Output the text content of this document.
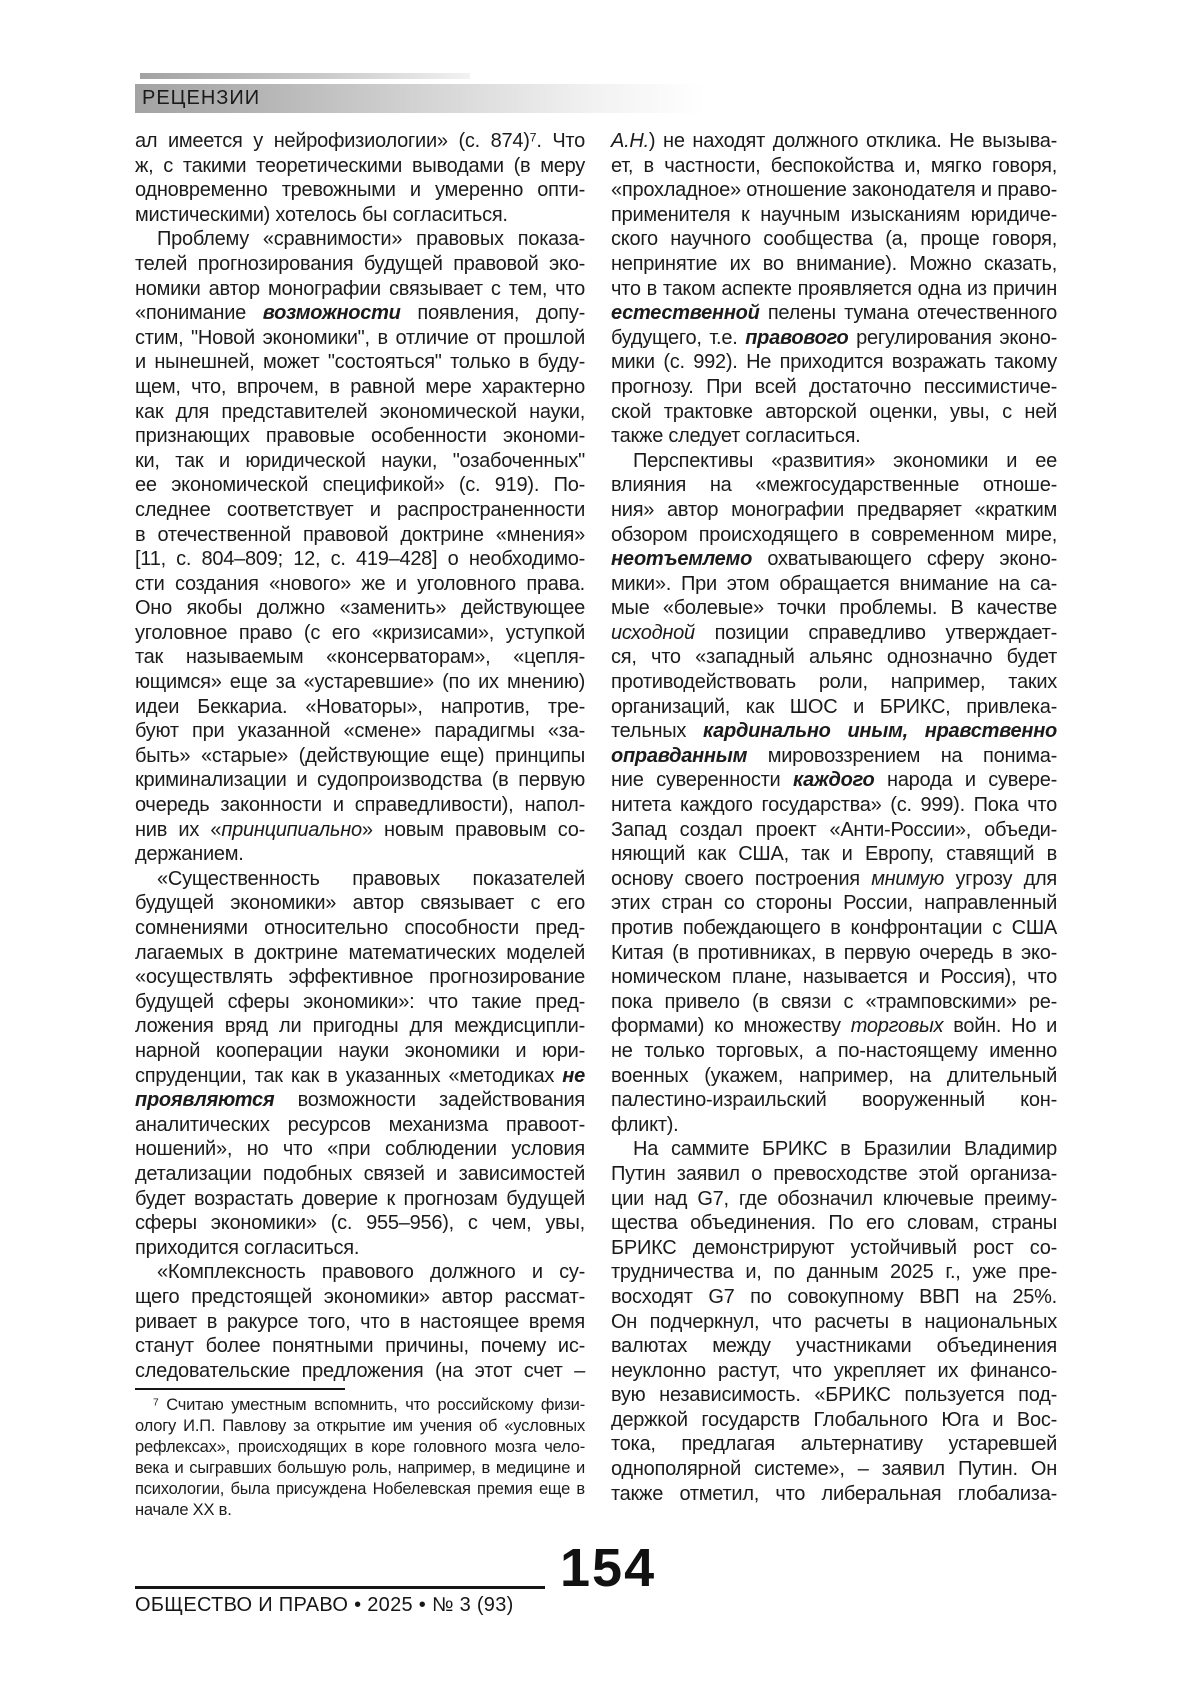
РЕЦЕНЗИИ
ал имеется у нейрофизиологии» (с. 874)$^7$. Что
ж, с такими теоретическими выводами (в меру
одновременно тревожными и умеренно опти-
мистическими) хотелось бы согласиться.
Проблему «сравнимости» правовых показа-
телей прогнозирования будущей правовой эко-
номики автор монографии связывает с тем, что
«понимание возможности появления, допу-
стим, "Новой экономики", в отличие от прошлой
и нынешней, может "состояться" только в буду-
щем, что, впрочем, в равной мере характерно
как для представителей экономической науки,
признающих правовые особенности экономи-
ки, так и юридической науки, "озабоченных"
ее экономической спецификой» (с. 919). По-
следнее соответствует и распространенности
в отечественной правовой доктрине «мнения»
[11, с. 804–809; 12, с. 419–428] о необходимо-
сти создания «нового» же и уголовного права.
Оно якобы должно «заменить» действующее
уголовное право (с его «кризисами», уступкой
так называемым «консерваторам», «цепля-
ющимся» еще за «устаревшие» (по их мнению)
идеи Беккариа. «Новаторы», напротив, тре-
буют при указанной «смене» парадигмы «за-
быть» «старые» (действующие еще) принципы
криминализации и судопроизводства (в первую
очередь законности и справедливости), напол-
нив их «принципиально» новым правовым со-
держанием.
«Существенность правовых показателей
будущей экономики» автор связывает с его
сомнениями относительно способности пред-
лагаемых в доктрине математических моделей
«осуществлять эффективное прогнозирование
будущей сферы экономики»: что такие пред-
ложения вряд ли пригодны для междисципли-
нарной кооперации науки экономики и юри-
спруденции, так как в указанных «методиках не
проявляются возможности задействования
аналитических ресурсов механизма правоот-
ношений», но что «при соблюдении условия
детализации подобных связей и зависимостей
будет возрастать доверие к прогнозам будущей
сферы экономики» (с. 955–956), с чем, увы,
приходится согласиться.
«Комплексность правового должного и су-
щего предстоящей экономики» автор рассмат-
ривает в ракурсе того, что в настоящее время
станут более понятными причины, почему ис-
следовательские предложения (на этот счет –
$^7$ Считаю уместным вспомнить, что российскому физи-
ологу И.П. Павлову за открытие им учения об «условных
рефлексах», происходящих в коре головного мозга чело-
века и сыгравших большую роль, например, в медицине и
психологии, была присуждена Нобелевская премия еще в
начале XX в.
А.Н.) не находят должного отклика. Не вызыва-
ет, в частности, беспокойства и, мягко говоря,
«прохладное» отношение законодателя и право-
применителя к научным изысканиям юридиче-
ского научного сообщества (а, проще говоря,
непринятие их во внимание). Можно сказать,
что в таком аспекте проявляется одна из причин
естественной пелены тумана отечественного
будущего, т.е. правового регулирования эконо-
мики (с. 992). Не приходится возражать такому
прогнозу. При всей достаточно пессимистиче-
ской трактовке авторской оценки, увы, с ней
также следует согласиться.
Перспективы «развития» экономики и ее
влияния на «межгосударственные отноше-
ния» автор монографии предваряет «кратким
обзором происходящего в современном мире,
неотъемлемо охватывающего сферу эконо-
мики». При этом обращается внимание на са-
мые «болевые» точки проблемы. В качестве
исходной позиции справедливо утверждает-
ся, что «западный альянс однозначно будет
противодействовать роли, например, таких
организаций, как ШОС и БРИКС, привлека-
тельных кардинально иным, нравственно
оправданным мировоззрением на понима-
ние суверенности каждого народа и сувере-
нитета каждого государства» (с. 999). Пока что
Запад создал проект «Анти-России», объеди-
няющий как США, так и Европу, ставящий в
основу своего построения мнимую угрозу для
этих стран со стороны России, направленный
против побеждающего в конфронтации с США
Китая (в противниках, в первую очередь в эко-
номическом плане, называется и Россия), что
пока привело (в связи с «трамповскими» ре-
формами) ко множеству торговых войн. Но и
не только торговых, а по-настоящему именно
военных (укажем, например, на длительный
палестино-израильский вооруженный кон-
фликт).
На саммите БРИКС в Бразилии Владимир
Путин заявил о превосходстве этой организа-
ции над G7, где обозначил ключевые преиму-
щества объединения. По его словам, страны
БРИКС демонстрируют устойчивый рост со-
трудничества и, по данным 2025 г., уже пре-
восходят G7 по совокупному ВВП на 25%.
Он подчеркнул, что расчеты в национальных
валютах между участниками объединения
неуклонно растут, что укрепляет их финансо-
вую независимость. «БРИКС пользуется под-
держкой государств Глобального Юга и Вос-
тока, предлагая альтернативу устаревшей
однополярной системе», – заявил Путин. Он
также отметил, что либеральная глобализа-
154
ОБЩЕСТВО И ПРАВО • 2025 • № 3 (93)
